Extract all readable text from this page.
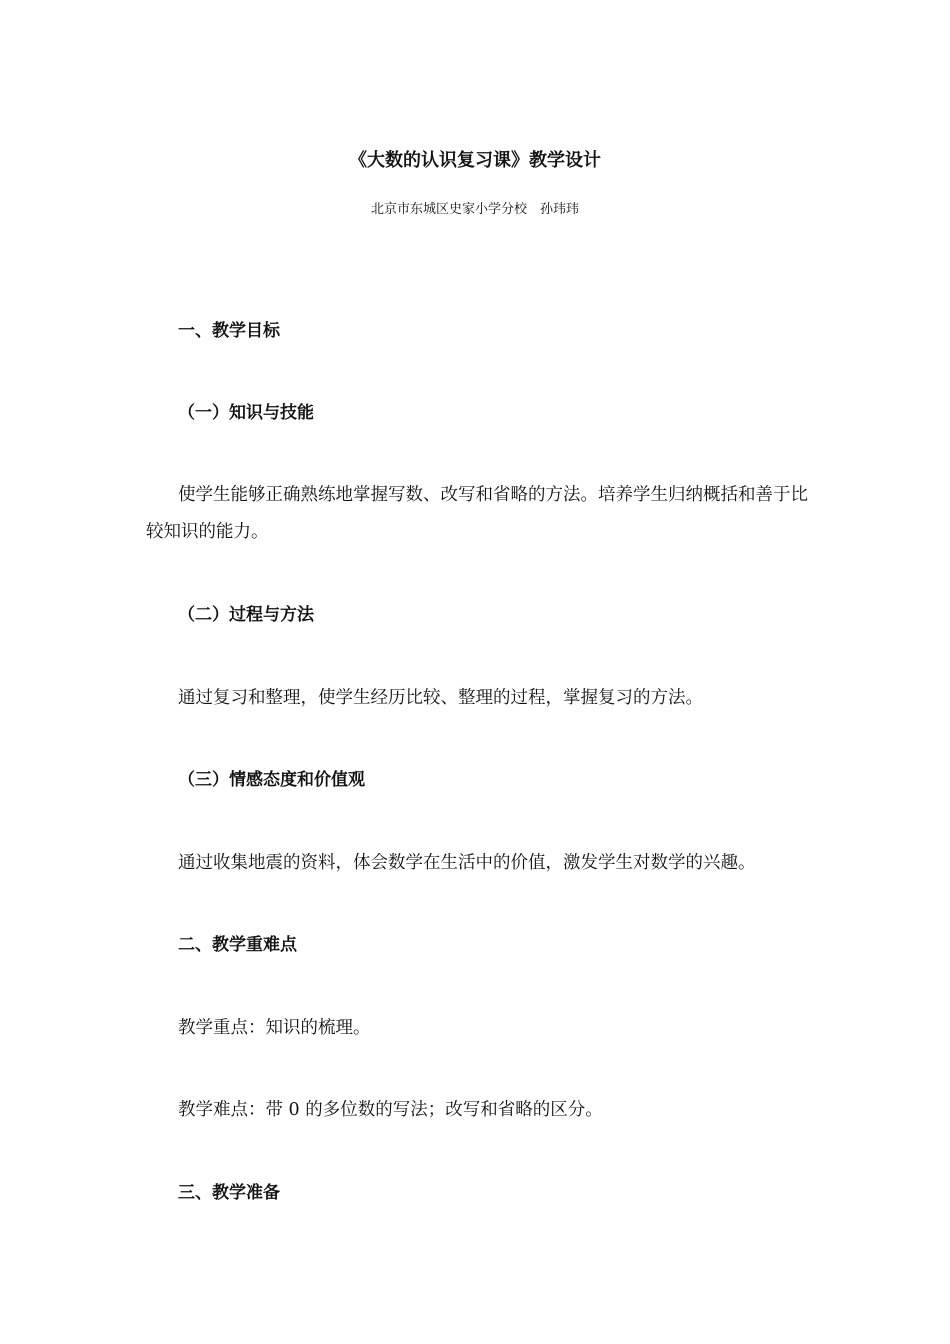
《大数的认识复习课》教学设计
北京市东城区史家小学分校　孙玮玮
一、教学目标
（一）知识与技能
使学生能够正确熟练地掌握写数、改写和省略的方法。培养学生归纳概括和善于比较知识的能力。
（二）过程与方法
通过复习和整理，使学生经历比较、整理的过程，掌握复习的方法。
（三）情感态度和价值观
通过收集地震的资料，体会数学在生活中的价值，激发学生对数学的兴趣。
二、教学重难点
教学重点：知识的梳理。
教学难点：带 0 的多位数的写法；改写和省略的区分。
三、教学准备
